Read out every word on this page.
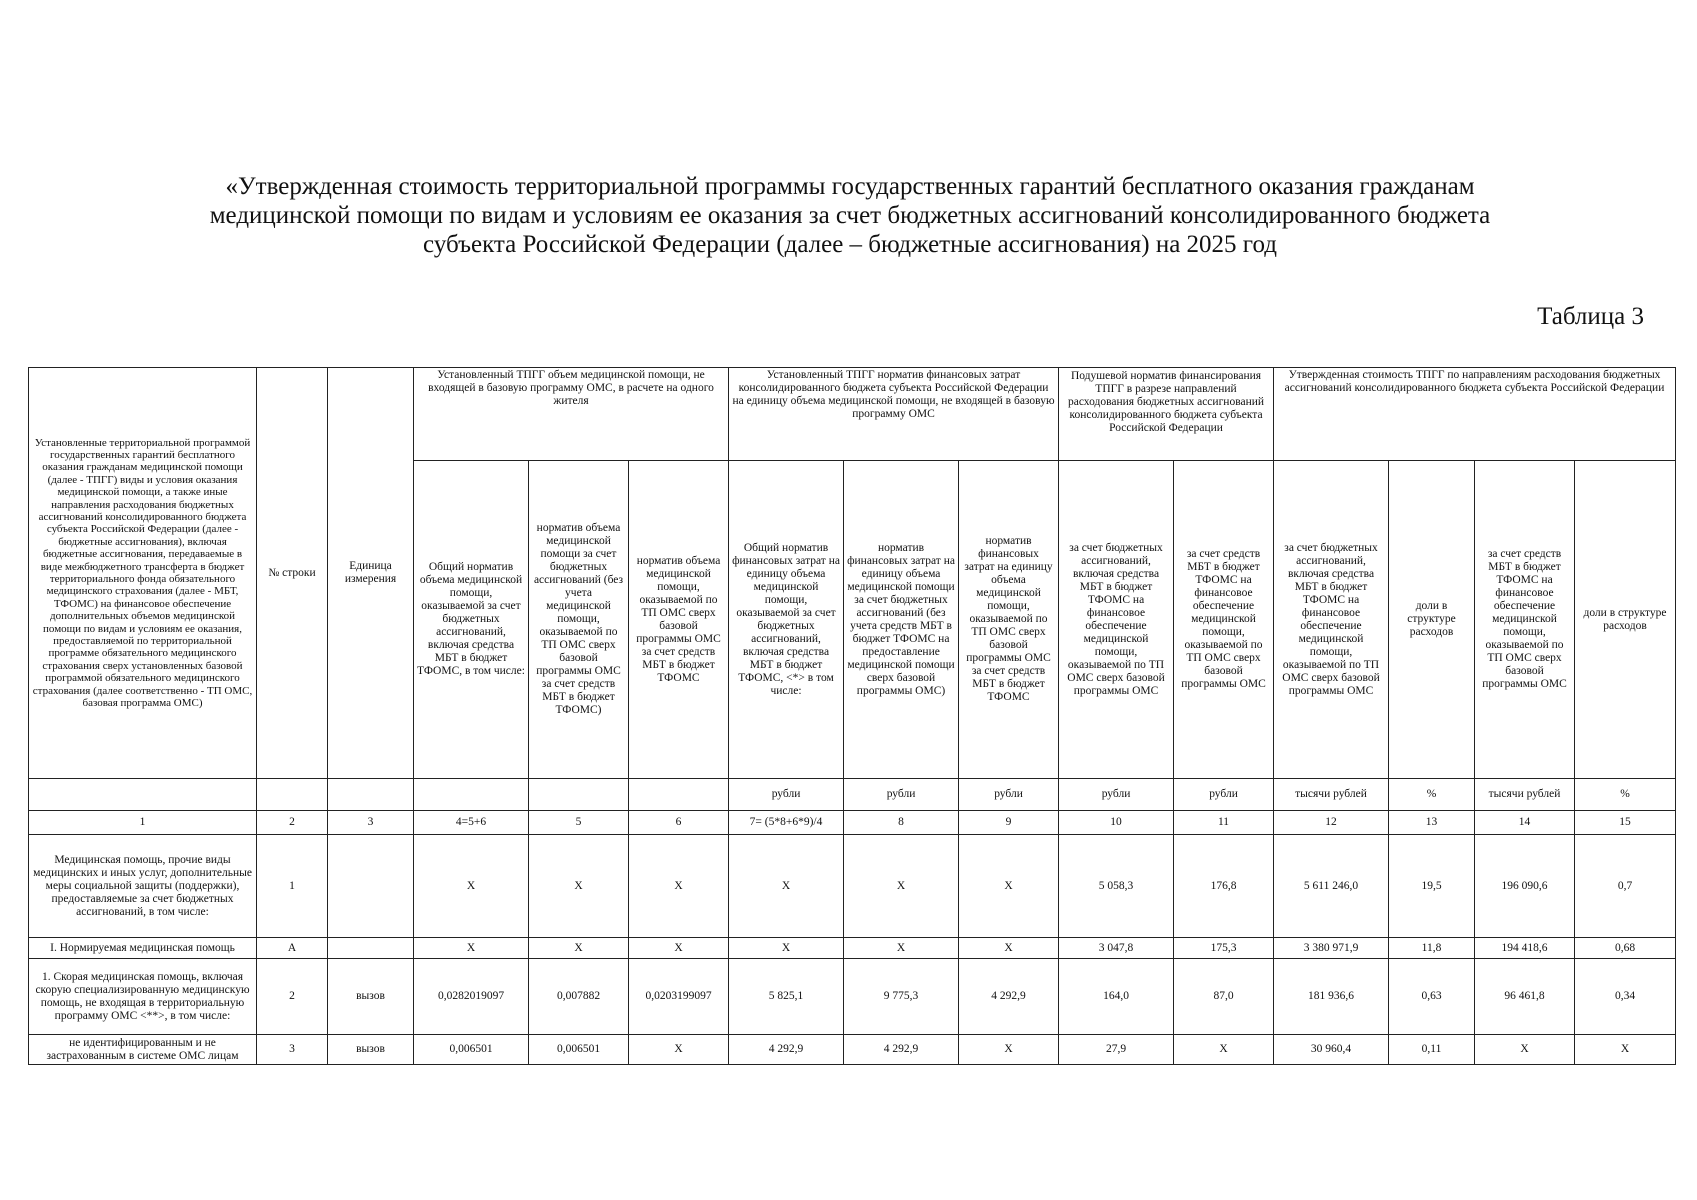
«Утвержденная стоимость территориальной программы государственных гарантий бесплатного оказания гражданам
медицинской помощи по видам и условиям ее оказания за счет бюджетных ассигнований консолидированного бюджета
субъекта Российской Федерации (далее – бюджетные ассигнования) на 2025 год
Таблица 3
Установленные территориальной программой государственных гарантий бесплатного оказания гражданам медицинской помощи (далее - ТПГГ) виды и условия оказания медицинской помощи, а также иные направления расходования бюджетных ассигнований консолидированного бюджета субъекта Российской Федерации (далее - бюджетные ассигнования), включая бюджетные ассигнования, передаваемые в виде межбюджетного трансферта в бюджет территориального фонда обязательного медицинского страхования (далее - МБТ, ТФОМС) на финансовое обеспечение дополнительных объемов медицинской помощи по видам и условиям ее оказания, предоставляемой по территориальной программе обязательного медицинского страхования сверх установленных базовой программой обязательного медицинского страхования (далее соответственно - ТП ОМС, базовая программа ОМС)	№ строки	Единица измерения	Установленный ТПГГ объем медицинской помощи, не входящей в базовую программу ОМС, в расчете на одного жителя			Установленный ТПГГ норматив финансовых затрат консолидированного бюджета субъекта Российской Федерации на единицу объема медицинской помощи, не входящей в базовую программу ОМС			Подушевой норматив финансирования ТПГГ в разрезе направлений расходования бюджетных ассигнований консолидированного бюджета субъекта Российской Федерации		Утвержденная стоимость ТПГГ по направлениям расходования бюджетных ассигнований консолидированного бюджета субъекта Российской Федерации			
			Общий норматив объема медицинской помощи, оказываемой за счет бюджетных ассигнований, включая средства МБТ в бюджет ТФОМС, в том числе:	норматив объема медицинской помощи за счет бюджетных ассигнований (без учета медицинской помощи, оказываемой по ТП ОМС сверх базовой программы ОМС за счет средств МБТ в бюджет ТФОМС)	норматив объема медицинской помощи, оказываемой по ТП ОМС сверх базовой программы ОМС за счет средств МБТ в бюджет ТФОМС	Общий норматив финансовых затрат на единицу объема медицинской помощи, оказываемой за счет бюджетных ассигнований, включая средства МБТ в бюджет ТФОМС, <*> в том числе:	норматив финансовых затрат на единицу объема медицинской помощи за счет бюджетных ассигнований (без учета средств МБТ в бюджет ТФОМС на предоставление медицинской помощи сверх базовой программы ОМС)	норматив финансовых затрат на единицу объема медицинской помощи, оказываемой по ТП ОМС сверх базовой программы ОМС за счет средств МБТ в бюджет ТФОМС	за счет бюджетных ассигнований, включая средства МБТ в бюджет ТФОМС на финансовое обеспечение медицинской помощи, оказываемой по ТП ОМС сверх базовой программы ОМС	за счет средств МБТ в бюджет ТФОМС на финансовое обеспечение медицинской помощи, оказываемой по ТП ОМС сверх базовой программы ОМС	за счет бюджетных ассигнований, включая средства МБТ в бюджет ТФОМС на финансовое обеспечение медицинской помощи, оказываемой по ТП ОМС сверх базовой программы ОМС	доли в структуре расходов	за счет средств МБТ в бюджет ТФОМС на финансовое обеспечение медицинской помощи, оказываемой по ТП ОМС сверх базовой программы ОМС	доли в структуре расходов
						рубли	рубли	рубли	рубли	рубли	тысячи рублей	%	тысячи рублей	%
1	2	3	4=5+6	5	6	7= (5*8+6*9)/4	8	9	10	11	12	13	14	15
Медицинская помощь, прочие виды медицинских и иных услуг, дополнительные меры социальной защиты (поддержки), предоставляемые за счет бюджетных ассигнований, в том числе:	1		X	X	X	X	X	X	5 058,3	176,8	5 611 246,0	19,5	196 090,6	0,7
I. Нормируемая медицинская помощь	А		X	X	X	X	X	X	3 047,8	175,3	3 380 971,9	11,8	194 418,6	0,68
1. Скорая медицинская помощь, включая скорую специализированную медицинскую помощь, не входящая в территориальную программу ОМС <**>, в том числе:	2	вызов	0,0282019097	0,007882	0,0203199097	5 825,1	9 775,3	4 292,9	164,0	87,0	181 936,6	0,63	96 461,8	0,34
не идентифицированным и не застрахованным в системе ОМС лицам	3	вызов	0,006501	0,006501	X	4 292,9	4 292,9	X	27,9	X	30 960,4	0,11	X	X
